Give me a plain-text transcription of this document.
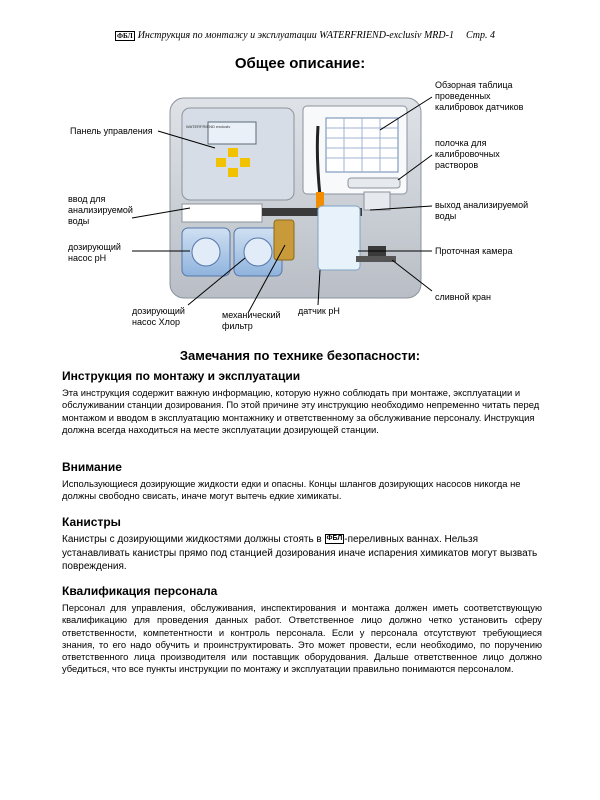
ФБЛ Инструкция по монтажу и эксплуатации WATERFRIEND-exclusiv MRD-1 Стр. 4
Общее описание:
WATERFRIEND exclusiv
Панель управления
ввод для анализируемой воды
дозирующий насос рН
дозирующий насос Хлор
механический фильтр
датчик рН
Обзорная таблица проведенных калибровок датчиков
полочка для калибровочных растворов
выход анализируемой воды
Проточная камера
сливной кран
Замечания по технике безопасности:
Инструкция по монтажу и эксплуатации
Эта инструкция содержит важную информацию, которую нужно соблюдать при монтаже, эксплуатации и обслуживании станции дозирования. По этой причине эту инструкцию необходимо непременно читать перед монтажом и вводом в эксплуатацию монтажнику и ответственному за обслуживание персоналу. Инструкция должна всегда находиться на месте эксплуатации дозирующей станции.
Внимание
Использующиеся дозирующие жидкости едки и опасны. Концы шлангов дозирующих насосов никогда не должны свободно свисать, иначе могут вытечь едкие химикаты.
Канистры
Канистры с дозирующими жидкостями должны стоять в ФБЛ -переливных ваннах. Нельзя устанавливать канистры прямо под станцией дозирования иначе испарения химикатов могут вызвать повреждения.
Квалификация персонала
Персонал для управления, обслуживания, инспектирования и монтажа должен иметь соответствующую квалификацию для проведения данных работ. Ответственное лицо должно четко установить сферу ответственности, компетентности и контроль персонала. Если у персонала отсутствуют требующиеся знания, то его надо обучить и проинструктировать. Это может провести, если необходимо, по поручению ответственного лица производителя или поставщик оборудования. Дальше ответственное лицо должно убедиться, что все пункты инструкции по монтажу и эксплуатации правильно понимаются персоналом.
